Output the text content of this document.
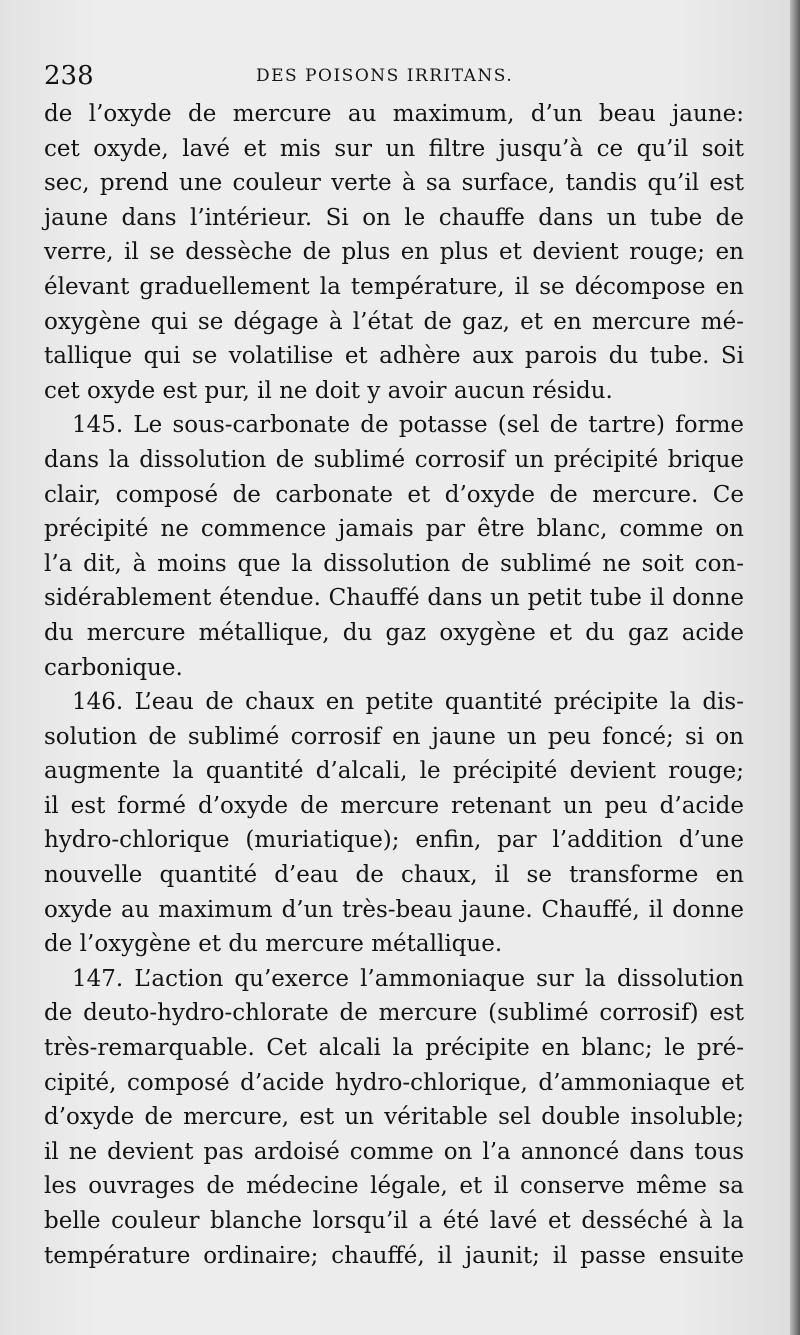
238	DES POISONS IRRITANS.
de l’oxyde de mercure au maximum, d’un beau jaune:
cet oxyde, lavé et mis sur un filtre jusqu’à ce qu’il soit
sec, prend une couleur verte à sa surface, tandis qu’il est
jaune dans l’intérieur. Si on le chauffe dans un tube de
verre, il se dessèche de plus en plus et devient rouge; en
élevant graduellement la température, il se décompose en
oxygène qui se dégage à l’état de gaz, et en mercure mé-
tallique qui se volatilise et adhère aux parois du tube. Si
cet oxyde est pur, il ne doit y avoir aucun résidu.
145. Le sous-carbonate de potasse (sel de tartre) forme
dans la dissolution de sublimé corrosif un précipité brique
clair, composé de carbonate et d’oxyde de mercure. Ce
précipité ne commence jamais par être blanc, comme on
l’a dit, à moins que la dissolution de sublimé ne soit con-
sidérablement étendue. Chauffé dans un petit tube il donne
du mercure métallique, du gaz oxygène et du gaz acide
carbonique.
146. L’eau de chaux en petite quantité précipite la dis-
solution de sublimé corrosif en jaune un peu foncé; si on
augmente la quantité d’alcali, le précipité devient rouge;
il est formé d’oxyde de mercure retenant un peu d’acide
hydro-chlorique (muriatique); enfin, par l’addition d’une
nouvelle quantité d’eau de chaux, il se transforme en
oxyde au maximum d’un très-beau jaune. Chauffé, il donne
de l’oxygène et du mercure métallique.
147. L’action qu’exerce l’ammoniaque sur la dissolution
de deuto-hydro-chlorate de mercure (sublimé corrosif) est
très-remarquable. Cet alcali la précipite en blanc; le pré-
cipité, composé d’acide hydro-chlorique, d’ammoniaque et
d’oxyde de mercure, est un véritable sel double insoluble;
il ne devient pas ardoisé comme on l’a annoncé dans tous
les ouvrages de médecine légale, et il conserve même sa
belle couleur blanche lorsqu’il a été lavé et desséché à la
température ordinaire; chauffé, il jaunit; il passe ensuite
